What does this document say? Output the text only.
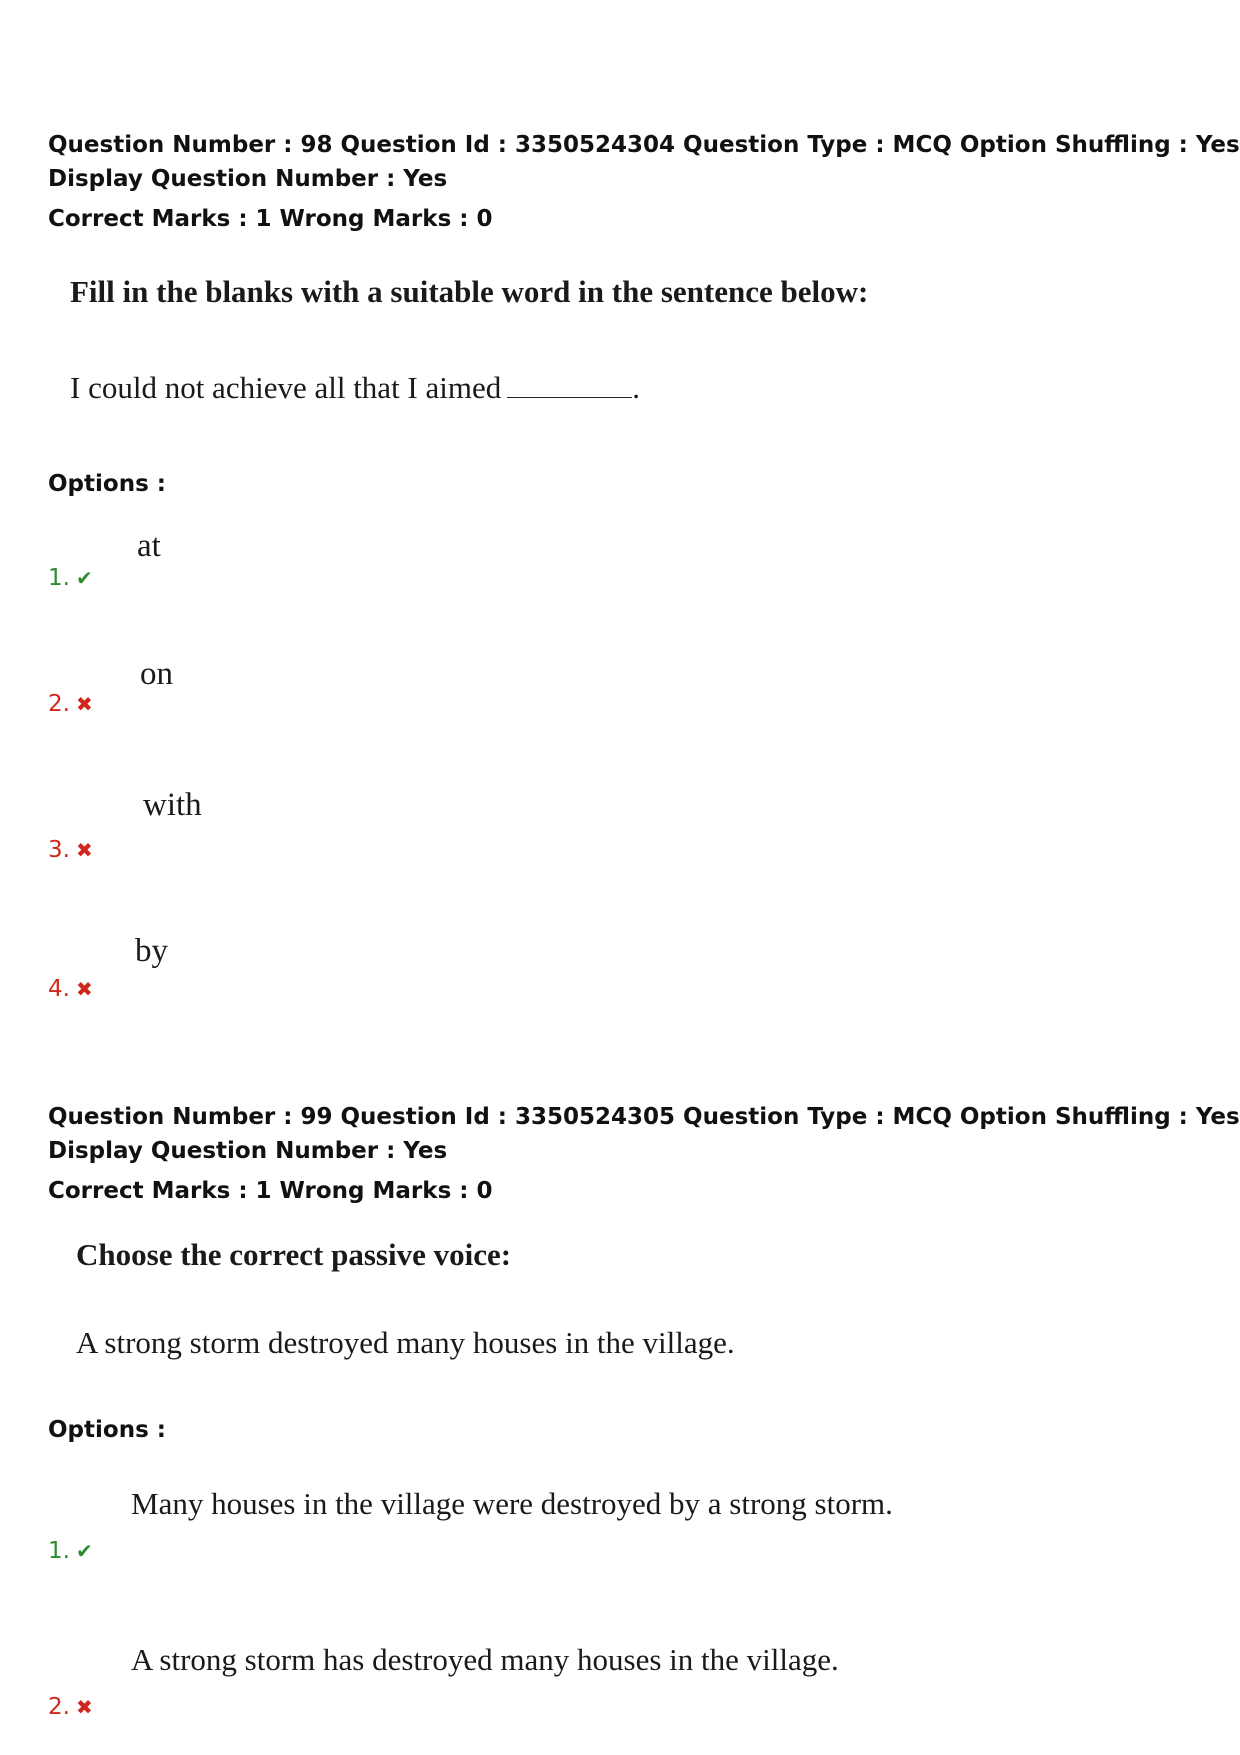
Question Number : 98 Question Id : 3350524304 Question Type : MCQ Option Shuffling : Yes
Display Question Number : Yes
Correct Marks : 1 Wrong Marks : 0

Fill in the blanks with a suitable word in the sentence below:

I could not achieve all that I aimed	.

Options :

at

1. ✔

on

2. ✖

with

3. ✖

by

4. ✖

Question Number : 99 Question Id : 3350524305 Question Type : MCQ Option Shuffling : Yes
Display Question Number : Yes
Correct Marks : 1 Wrong Marks : 0

Choose the correct passive voice:

A strong storm destroyed many houses in the village.

Options :

Many houses in the village were destroyed by a strong storm.

1. ✔

A strong storm has destroyed many houses in the village.

2. ✖
